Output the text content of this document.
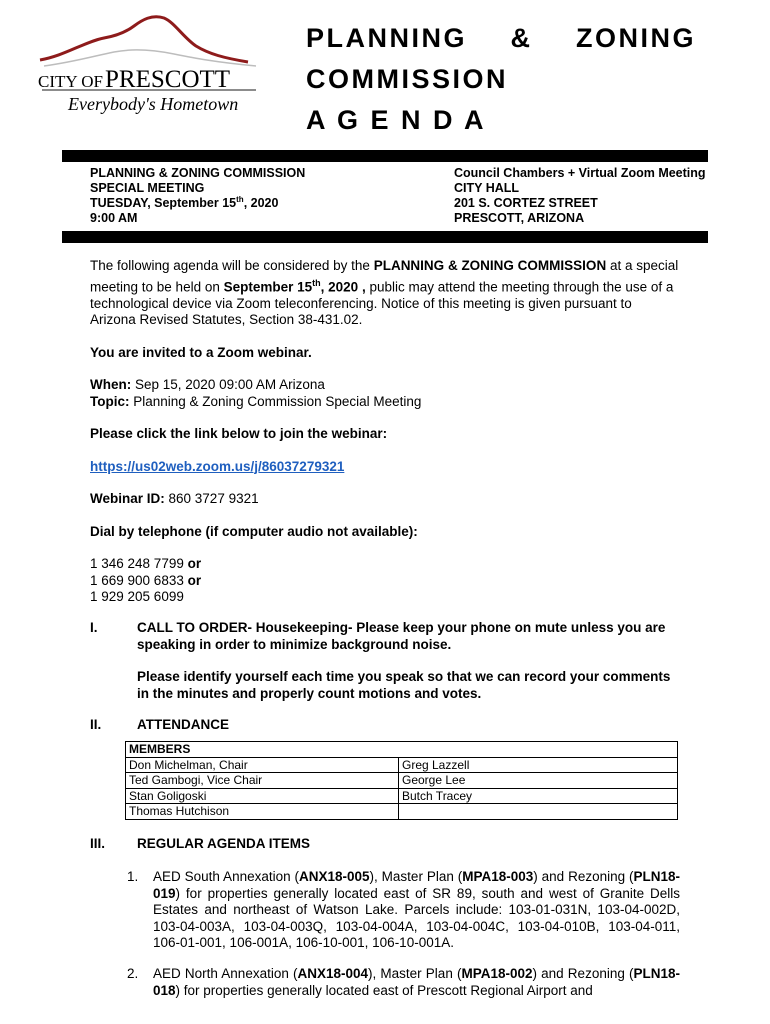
CITY OFPRESCOTT
Everybody's Hometown
PLANNING & ZONING
COMMISSION
A G E N D A
PLANNING & ZONING COMMISSION
SPECIAL MEETING
TUESDAY, September 15th, 2020
9:00 AM
Council Chambers + Virtual Zoom Meeting
CITY HALL
201 S. CORTEZ STREET
PRESCOTT, ARIZONA

The following agenda will be considered by the PLANNING & ZONING COMMISSION at a special meeting to be held on September 15th, 2020 , public may attend the meeting through the use of a technological device via Zoom teleconferencing. Notice of this meeting is given pursuant to Arizona Revised Statutes, Section 38-431.02.

You are invited to a Zoom webinar.

When: Sep 15, 2020 09:00 AM Arizona

Topic: Planning & Zoning Commission Special Meeting

Please click the link below to join the webinar:

https://us02web.zoom.us/j/86037279321

Webinar ID: 860 3727 9321

Dial by telephone (if computer audio not available):

1 346 248 7799 or

1 669 900 6833 or

1 929 205 6099

I.	CALL TO ORDER- Housekeeping- Please keep your phone on mute unless you are speaking in order to minimize background noise.
Please identify yourself each time you speak so that we can record your comments in the minutes and properly count motions and votes.
II.	ATTENDANCE
MEMBERS	
Don Michelman, Chair	Greg Lazzell
Ted Gambogi, Vice Chair	George Lee
Stan Goligoski	Butch Tracey
Thomas Hutchison	
III. REGULAR AGENDA ITEMS
1. AED South Annexation (ANX18-005), Master Plan (MPA18-003) and Rezoning (PLN18-019) for properties generally located east of SR 89, south and west of Granite Dells Estates and northeast of Watson Lake. Parcels include: 103-01-031N, 103-04-002D, 103-04-003A, 103-04-003Q, 103-04-004A, 103-04-004C, 103-04-010B, 103-04-011, 106-01-001, 106-001A, 106-10-001, 106-10-001A.
2. AED North Annexation (ANX18-004), Master Plan (MPA18-002) and Rezoning (PLN18-018) for properties generally located east of Prescott Regional Airport and
